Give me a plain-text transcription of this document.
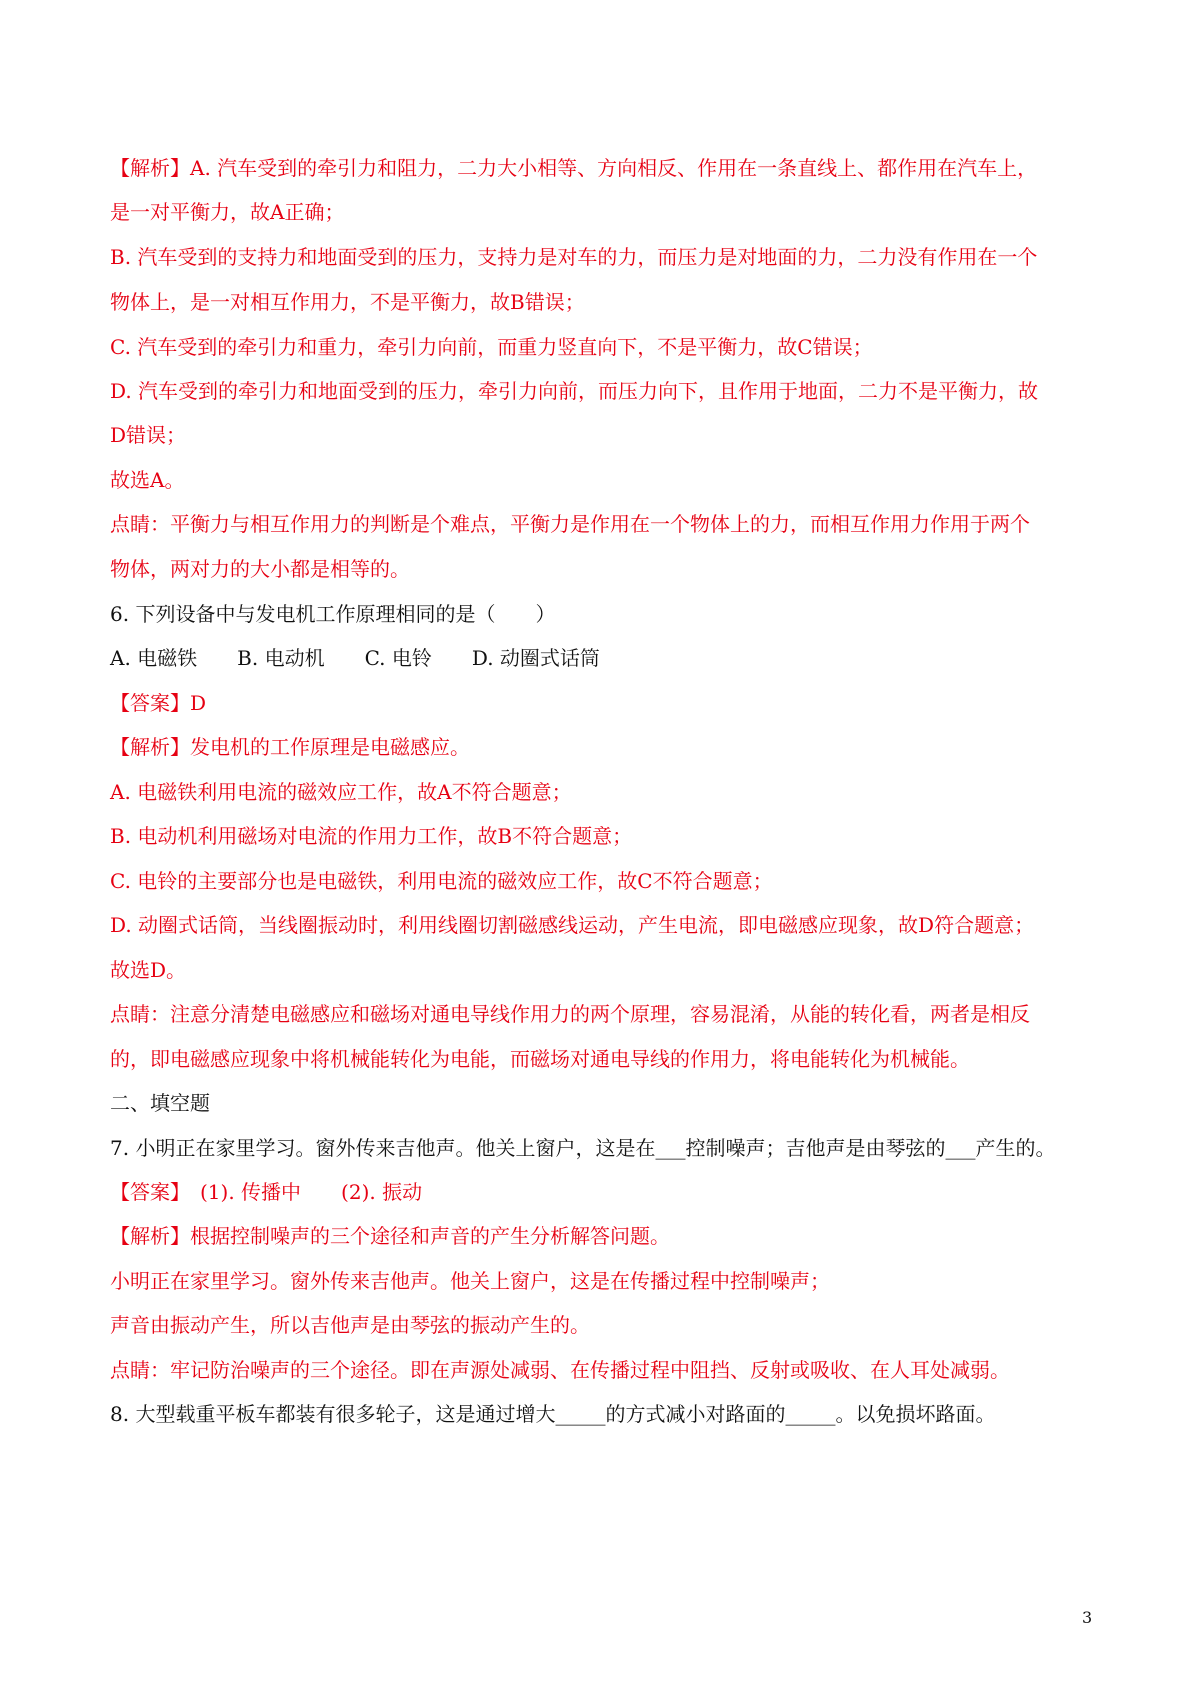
【解析】A. 汽车受到的牵引力和阻力，二力大小相等、方向相反、作用在一条直线上、都作用在汽车上，
是一对平衡力，故A正确；
B. 汽车受到的支持力和地面受到的压力，支持力是对车的力，而压力是对地面的力，二力没有作用在一个
物体上，是一对相互作用力，不是平衡力，故B错误；
C. 汽车受到的牵引力和重力，牵引力向前，而重力竖直向下，不是平衡力，故C错误；
D. 汽车受到的牵引力和地面受到的压力，牵引力向前，而压力向下，且作用于地面，二力不是平衡力，故
D错误；
故选A。
点睛：平衡力与相互作用力的判断是个难点，平衡力是作用在一个物体上的力，而相互作用力作用于两个
物体，两对力的大小都是相等的。
6. 下列设备中与发电机工作原理相同的是（　　）
A. 电磁铁　　B. 电动机　　C. 电铃　　D. 动圈式话筒
【答案】D
【解析】发电机的工作原理是电磁感应。
A. 电磁铁利用电流的磁效应工作，故A不符合题意；
B. 电动机利用磁场对电流的作用力工作，故B不符合题意；
C. 电铃的主要部分也是电磁铁，利用电流的磁效应工作，故C不符合题意；
D. 动圈式话筒，当线圈振动时，利用线圈切割磁感线运动，产生电流，即电磁感应现象，故D符合题意；
故选D。
点睛：注意分清楚电磁感应和磁场对通电导线作用力的两个原理，容易混淆，从能的转化看，两者是相反
的，即电磁感应现象中将机械能转化为电能，而磁场对通电导线的作用力，将电能转化为机械能。
二、填空题
7. 小明正在家里学习。窗外传来吉他声。他关上窗户，这是在___控制噪声；吉他声是由琴弦的___产生的。
【答案】　(1). 传播中　　(2). 振动
【解析】根据控制噪声的三个途径和声音的产生分析解答问题。
小明正在家里学习。窗外传来吉他声。他关上窗户，这是在传播过程中控制噪声；
声音由振动产生，所以吉他声是由琴弦的振动产生的。
点睛：牢记防治噪声的三个途径。即在声源处减弱、在传播过程中阻挡、反射或吸收、在人耳处减弱。
8. 大型载重平板车都装有很多轮子，这是通过增大_____的方式减小对路面的_____。以免损坏路面。
3
